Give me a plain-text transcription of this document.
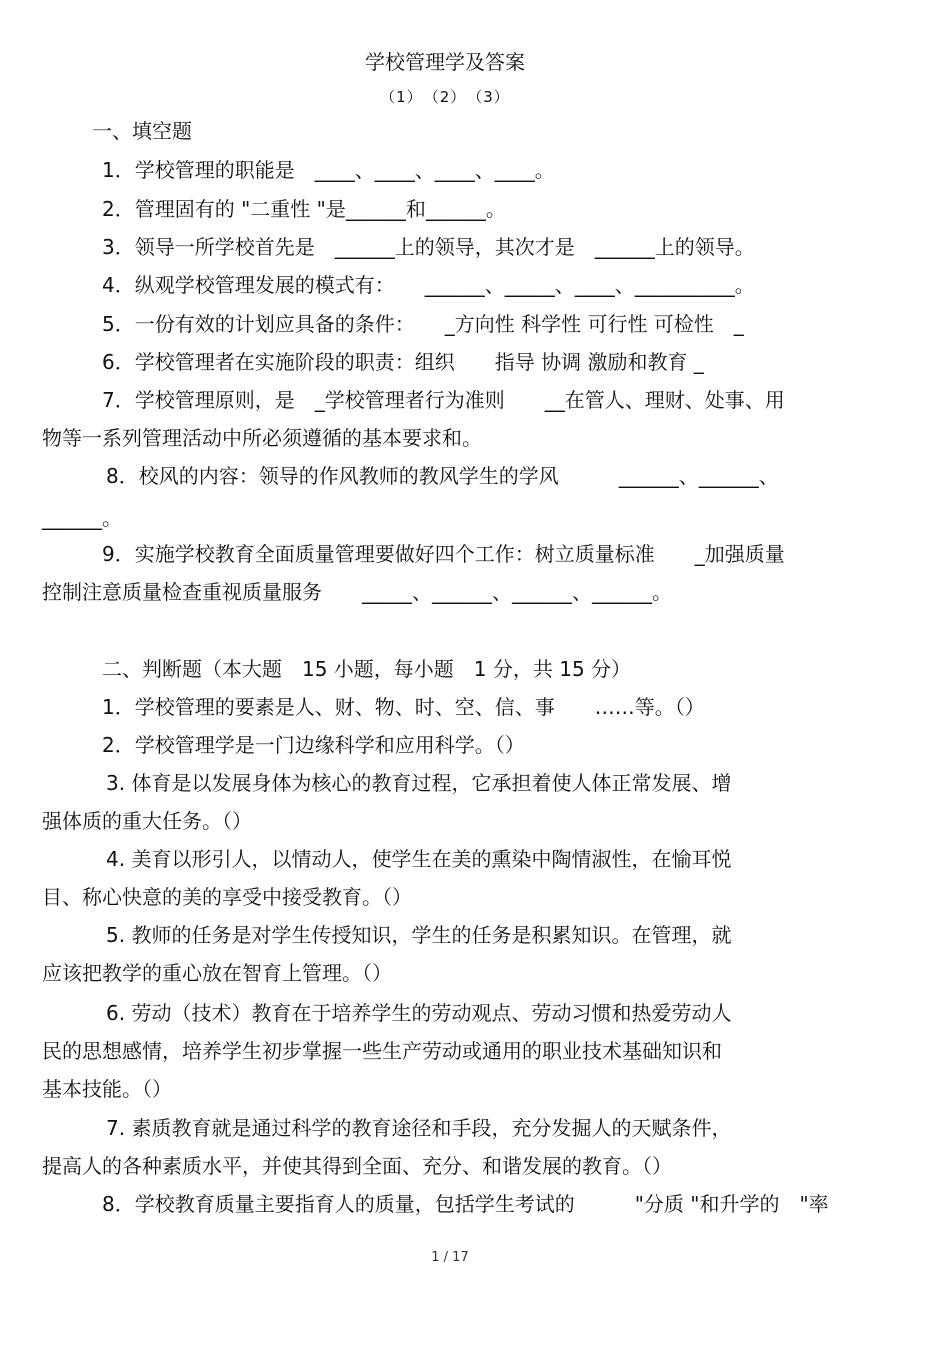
学校管理学及答案
（1）　（2）　（3）
一、填空题
1．学校管理的职能是　____、____、____、____。
2．管理固有的 "二重性 "是______和______。
3．领导一所学校首先是　______上的领导，其次才是　______上的领导。
4．纵观学校管理发展的模式有：　　______、_____、____、__________。
5．一份有效的计划应具备的条件：　　_方向性 科学性 可行性 可检性　_
6．学校管理者在实施阶段的职责：组织　　指导 协调 激励和教育 _
7．学校管理原则，是　_学校管理者行为准则　　__在管人、理财、处事、用
物等一系列管理活动中所必须遵循的基本要求和。
8．校风的内容：领导的作风教师的教风学生的学风　　　______、______、
______。
9．实施学校教育全面质量管理要做好四个工作：树立质量标准　　_加强质量
控制注意质量检查重视质量服务　　_____、______、______、______。
二、判断题（本大题　15 小题，每小题　1 分，共 15 分）
1．学校管理的要素是人、财、物、时、空、信、事　　……等。（）
2．学校管理学是一门边缘科学和应用科学。（）
3. 体育是以发展身体为核心的教育过程，它承担着使人体正常发展、增
强体质的重大任务。（）
4. 美育以形引人，以情动人，使学生在美的熏染中陶情淑性，在愉耳悦
目、称心快意的美的享受中接受教育。（）
5. 教师的任务是对学生传授知识，学生的任务是积累知识。在管理，就
应该把教学的重心放在智育上管理。（）
6. 劳动（技术）教育在于培养学生的劳动观点、劳动习惯和热爱劳动人
民的思想感情，培养学生初步掌握一些生产劳动或通用的职业技术基础知识和
基本技能。（）
7. 素质教育就是通过科学的教育途径和手段，充分发掘人的天赋条件，
提高人的各种素质水平，并使其得到全面、充分、和谐发展的教育。（）
8．学校教育质量主要指育人的质量，包括学生考试的　　　"分质 "和升学的　"率
1 / 17
